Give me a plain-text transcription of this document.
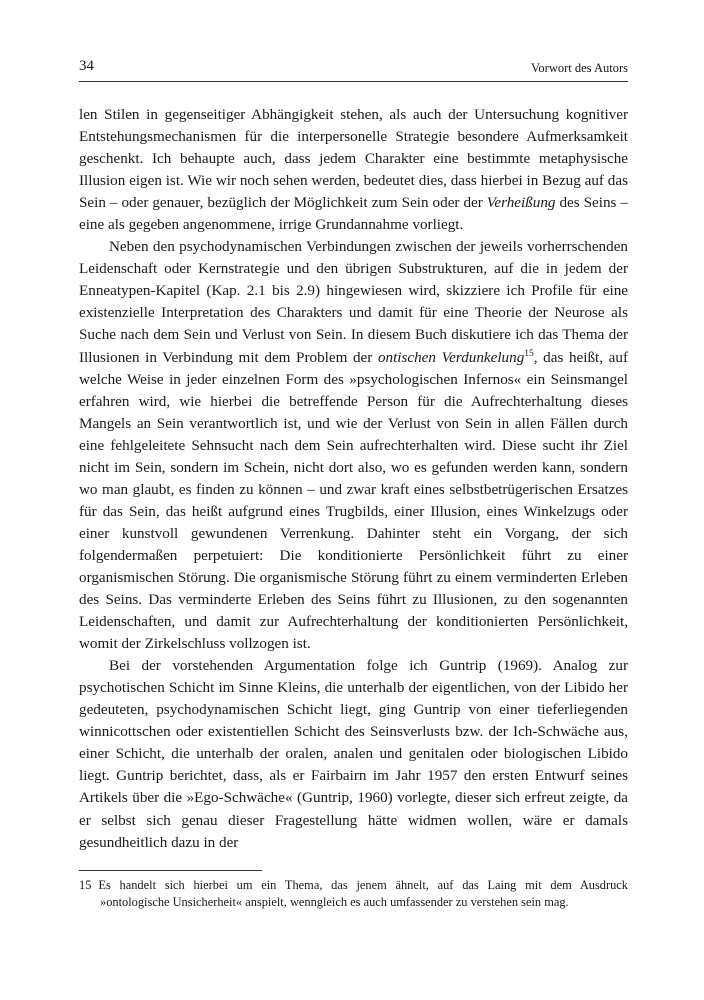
34	Vorwort des Autors

len Stilen in gegenseitiger Abhängigkeit stehen, als auch der Untersuchung kognitiver Entstehungsmechanismen für die interpersonelle Strategie besondere Aufmerksamkeit geschenkt. Ich behaupte auch, dass jedem Charakter eine bestimmte metaphysische Illusion eigen ist. Wie wir noch sehen werden, bedeutet dies, dass hierbei in Bezug auf das Sein – oder genauer, bezüglich der Möglichkeit zum Sein oder der Verheißung des Seins – eine als gegeben angenommene, irrige Grundannahme vorliegt.

Neben den psychodynamischen Verbindungen zwischen der jeweils vorherrschenden Leidenschaft oder Kernstrategie und den übrigen Substrukturen, auf die in jedem der Enneatypen-Kapitel (Kap. 2.1 bis 2.9) hingewiesen wird, skizziere ich Profile für eine existenzielle Interpretation des Charakters und damit für eine Theorie der Neurose als Suche nach dem Sein und Verlust von Sein. In diesem Buch diskutiere ich das Thema der Illusionen in Verbindung mit dem Problem der ontischen Verdunkelung$^{15}$, das heißt, auf welche Weise in jeder einzelnen Form des »psychologischen Infernos« ein Seinsmangel erfahren wird, wie hierbei die betreffende Person für die Aufrechterhaltung dieses Mangels an Sein verantwortlich ist, und wie der Verlust von Sein in allen Fällen durch eine fehlgeleitete Sehnsucht nach dem Sein aufrechterhalten wird. Diese sucht ihr Ziel nicht im Sein, sondern im Schein, nicht dort also, wo es gefunden werden kann, sondern wo man glaubt, es finden zu können – und zwar kraft eines selbstbetrügerischen Ersatzes für das Sein, das heißt aufgrund eines Trugbilds, einer Illusion, eines Winkelzugs oder einer kunstvoll gewundenen Verrenkung. Dahinter steht ein Vorgang, der sich folgendermaßen perpetuiert: Die konditionierte Persönlichkeit führt zu einer organismischen Störung. Die organismische Störung führt zu einem verminderten Erleben des Seins. Das verminderte Erleben des Seins führt zu Illusionen, zu den sogenannten Leidenschaften, und damit zur Aufrechterhaltung der konditionierten Persönlichkeit, womit der Zirkelschluss vollzogen ist.

Bei der vorstehenden Argumentation folge ich Guntrip (1969). Analog zur psychotischen Schicht im Sinne Kleins, die unterhalb der eigentlichen, von der Libido her gedeuteten, psychodynamischen Schicht liegt, ging Guntrip von einer tieferliegenden winnicottschen oder existentiellen Schicht des Seinsverlusts bzw. der Ich-Schwäche aus, einer Schicht, die unterhalb der oralen, analen und genitalen oder biologischen Libido liegt. Guntrip berichtet, dass, als er Fairbairn im Jahr 1957 den ersten Entwurf seines Artikels über die »Ego-Schwäche« (Guntrip, 1960) vorlegte, dieser sich erfreut zeigte, da er selbst sich genau dieser Fragestellung hätte widmen wollen, wäre er damals gesundheitlich dazu in der

15 Es handelt sich hierbei um ein Thema, das jenem ähnelt, auf das Laing mit dem Ausdruck
»ontologische Unsicherheit« anspielt, wenngleich es auch umfassender zu verstehen sein mag.
